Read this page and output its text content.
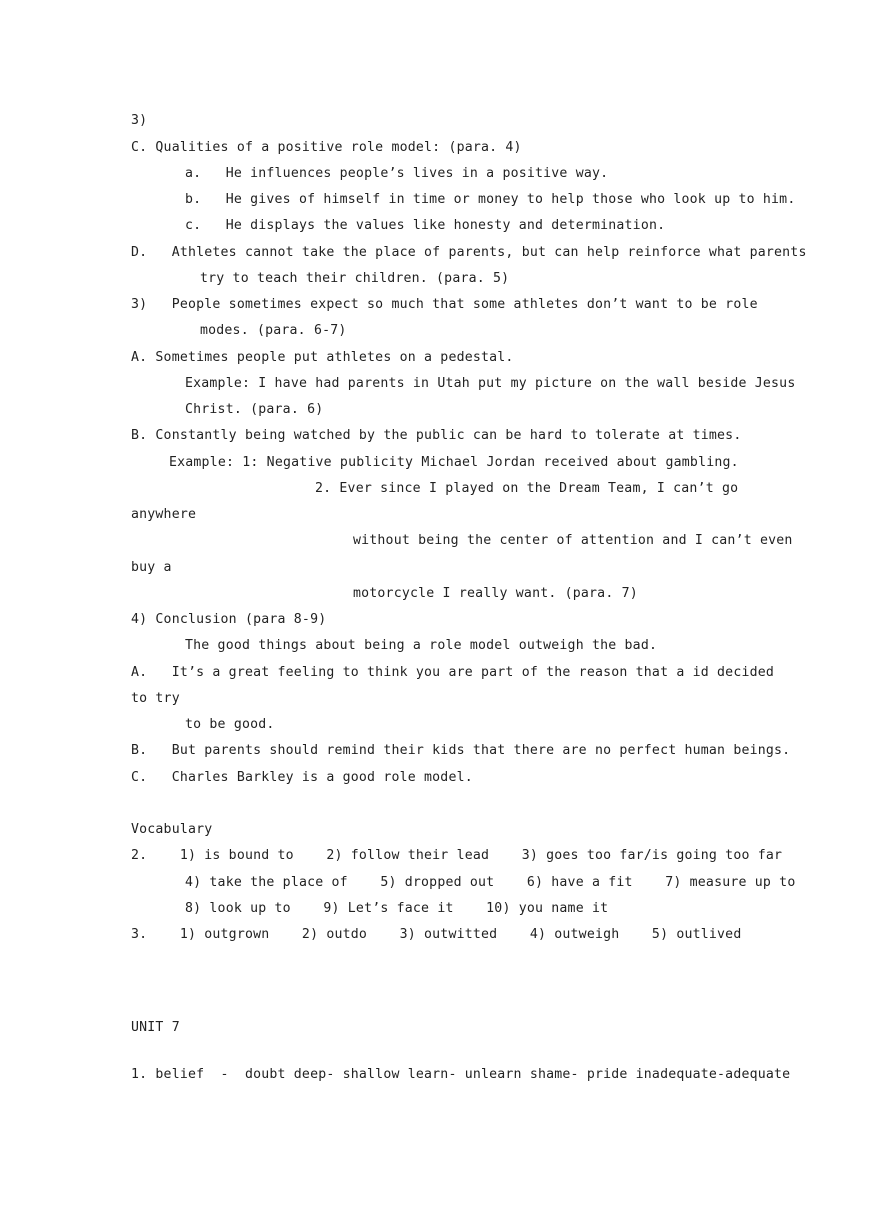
3)
C. Qualities of a positive role model: (para. 4)
a.   He influences people’s lives in a positive way.
b.   He gives of himself in time or money to help those who look up to him.
c.   He displays the values like honesty and determination.
D.   Athletes cannot take the place of parents, but can help reinforce what parents
try to teach their children. (para. 5)
3)   People sometimes expect so much that some athletes don’t want to be role
modes. (para. 6-7)
A. Sometimes people put athletes on a pedestal.
Example: I have had parents in Utah put my picture on the wall beside Jesus
Christ. (para. 6)
B. Constantly being watched by the public can be hard to tolerate at times.
Example: 1: Negative publicity Michael Jordan received about gambling.
2. Ever since I played on the Dream Team, I can’t go
anywhere
without being the center of attention and I can’t even
buy a
motorcycle I really want. (para. 7)
4) Conclusion (para 8-9)
The good things about being a role model outweigh the bad.
A.   It’s a great feeling to think you are part of the reason that a id decided
to try
to be good.
B.   But parents should remind their kids that there are no perfect human beings.
C.   Charles Barkley is a good role model.
Vocabulary
2.    1) is bound to    2) follow their lead    3) goes too far/is going too far
4) take the place of    5) dropped out    6) have a fit    7) measure up to
8) look up to    9) Let’s face it    10) you name it
3.    1) outgrown    2) outdo    3) outwitted    4) outweigh    5) outlived
UNIT 7
1. belief  -  doubt deep- shallow learn- unlearn shame- pride inadequate-adequate
